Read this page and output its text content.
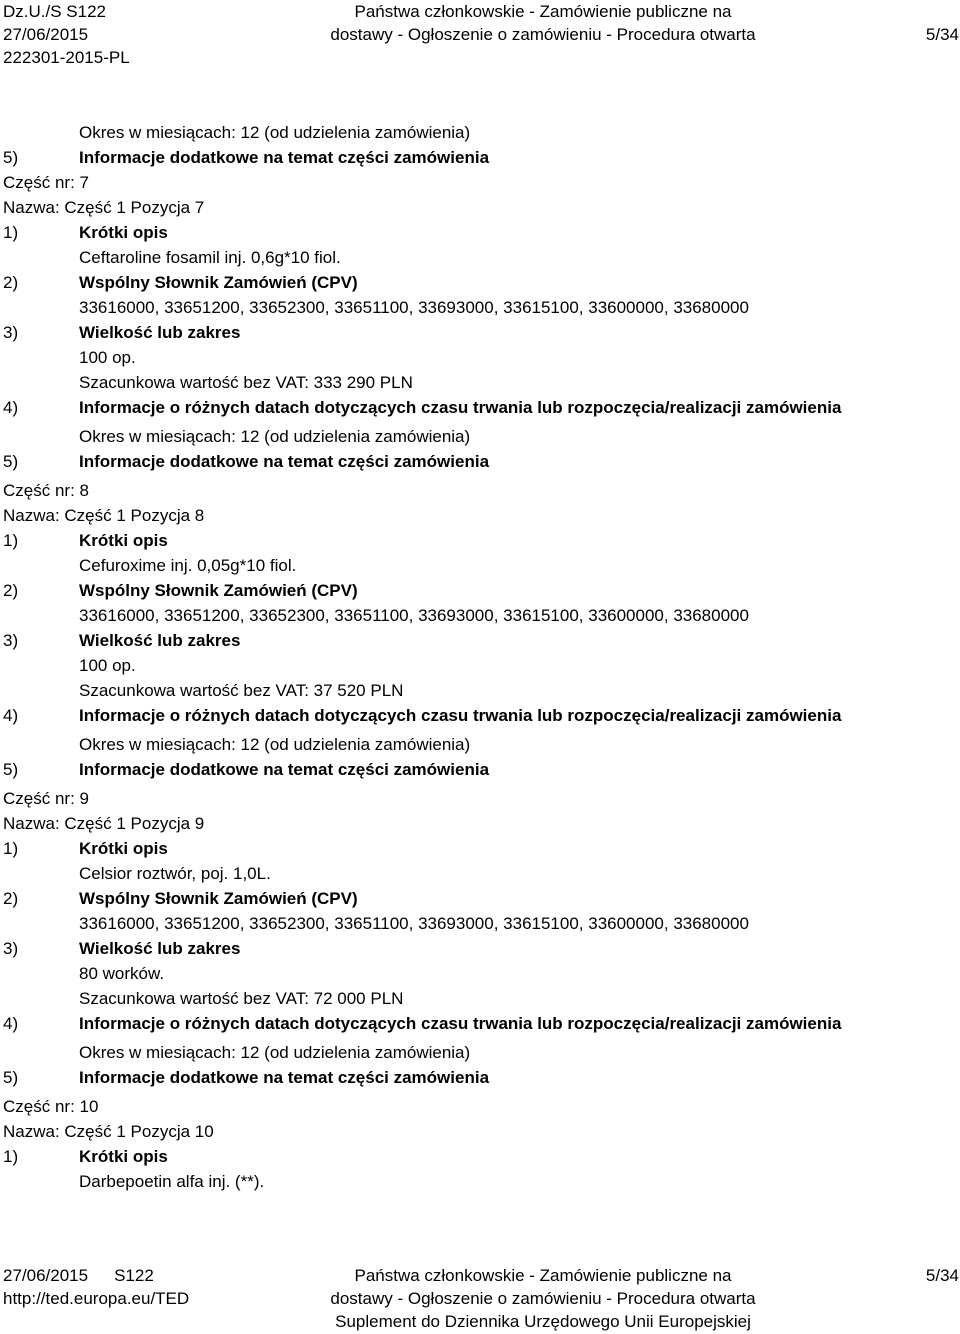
Dz.U./S S122
27/06/2015
222301-2015-PL
Państwa członkowskie - Zamówienie publiczne na
dostawy - Ogłoszenie o zamówieniu - Procedura otwarta
	5/34
Okres w miesiącach: 12 (od udzielenia zamówienia)
5)	Informacje dodatkowe na temat części zamówienia
Część nr: 7
Nazwa: Część 1 Pozycja 7
1)	Krótki opis
Ceftaroline fosamil inj. 0,6g*10 fiol.
2)	Wspólny Słownik Zamówień (CPV)
33616000, 33651200, 33652300, 33651100, 33693000, 33615100, 33600000, 33680000
3)	Wielkość lub zakres
100 op.
Szacunkowa wartość bez VAT: 333 290 PLN
4)	Informacje o różnych datach dotyczących czasu trwania lub rozpoczęcia/realizacji zamówienia
Okres w miesiącach: 12 (od udzielenia zamówienia)
5)	Informacje dodatkowe na temat części zamówienia
Część nr: 8
Nazwa: Część 1 Pozycja 8
1)	Krótki opis
Cefuroxime inj. 0,05g*10 fiol.
2)	Wspólny Słownik Zamówień (CPV)
33616000, 33651200, 33652300, 33651100, 33693000, 33615100, 33600000, 33680000
3)	Wielkość lub zakres
100 op.
Szacunkowa wartość bez VAT: 37 520 PLN
4)	Informacje o różnych datach dotyczących czasu trwania lub rozpoczęcia/realizacji zamówienia
Okres w miesiącach: 12 (od udzielenia zamówienia)
5)	Informacje dodatkowe na temat części zamówienia
Część nr: 9
Nazwa: Część 1 Pozycja 9
1)	Krótki opis
Celsior roztwór, poj. 1,0L.
2)	Wspólny Słownik Zamówień (CPV)
33616000, 33651200, 33652300, 33651100, 33693000, 33615100, 33600000, 33680000
3)	Wielkość lub zakres
80 worków.
Szacunkowa wartość bez VAT: 72 000 PLN
4)	Informacje o różnych datach dotyczących czasu trwania lub rozpoczęcia/realizacji zamówienia
Okres w miesiącach: 12 (od udzielenia zamówienia)
5)	Informacje dodatkowe na temat części zamówienia
Część nr: 10
Nazwa: Część 1 Pozycja 10
1)	Krótki opis
Darbepoetin alfa inj. (**).
27/06/2015 S122
http://ted.europa.eu/TED
Państwa członkowskie - Zamówienie publiczne na
dostawy - Ogłoszenie o zamówieniu - Procedura otwarta
Suplement do Dziennika Urzędowego Unii Europejskiej
5/34
